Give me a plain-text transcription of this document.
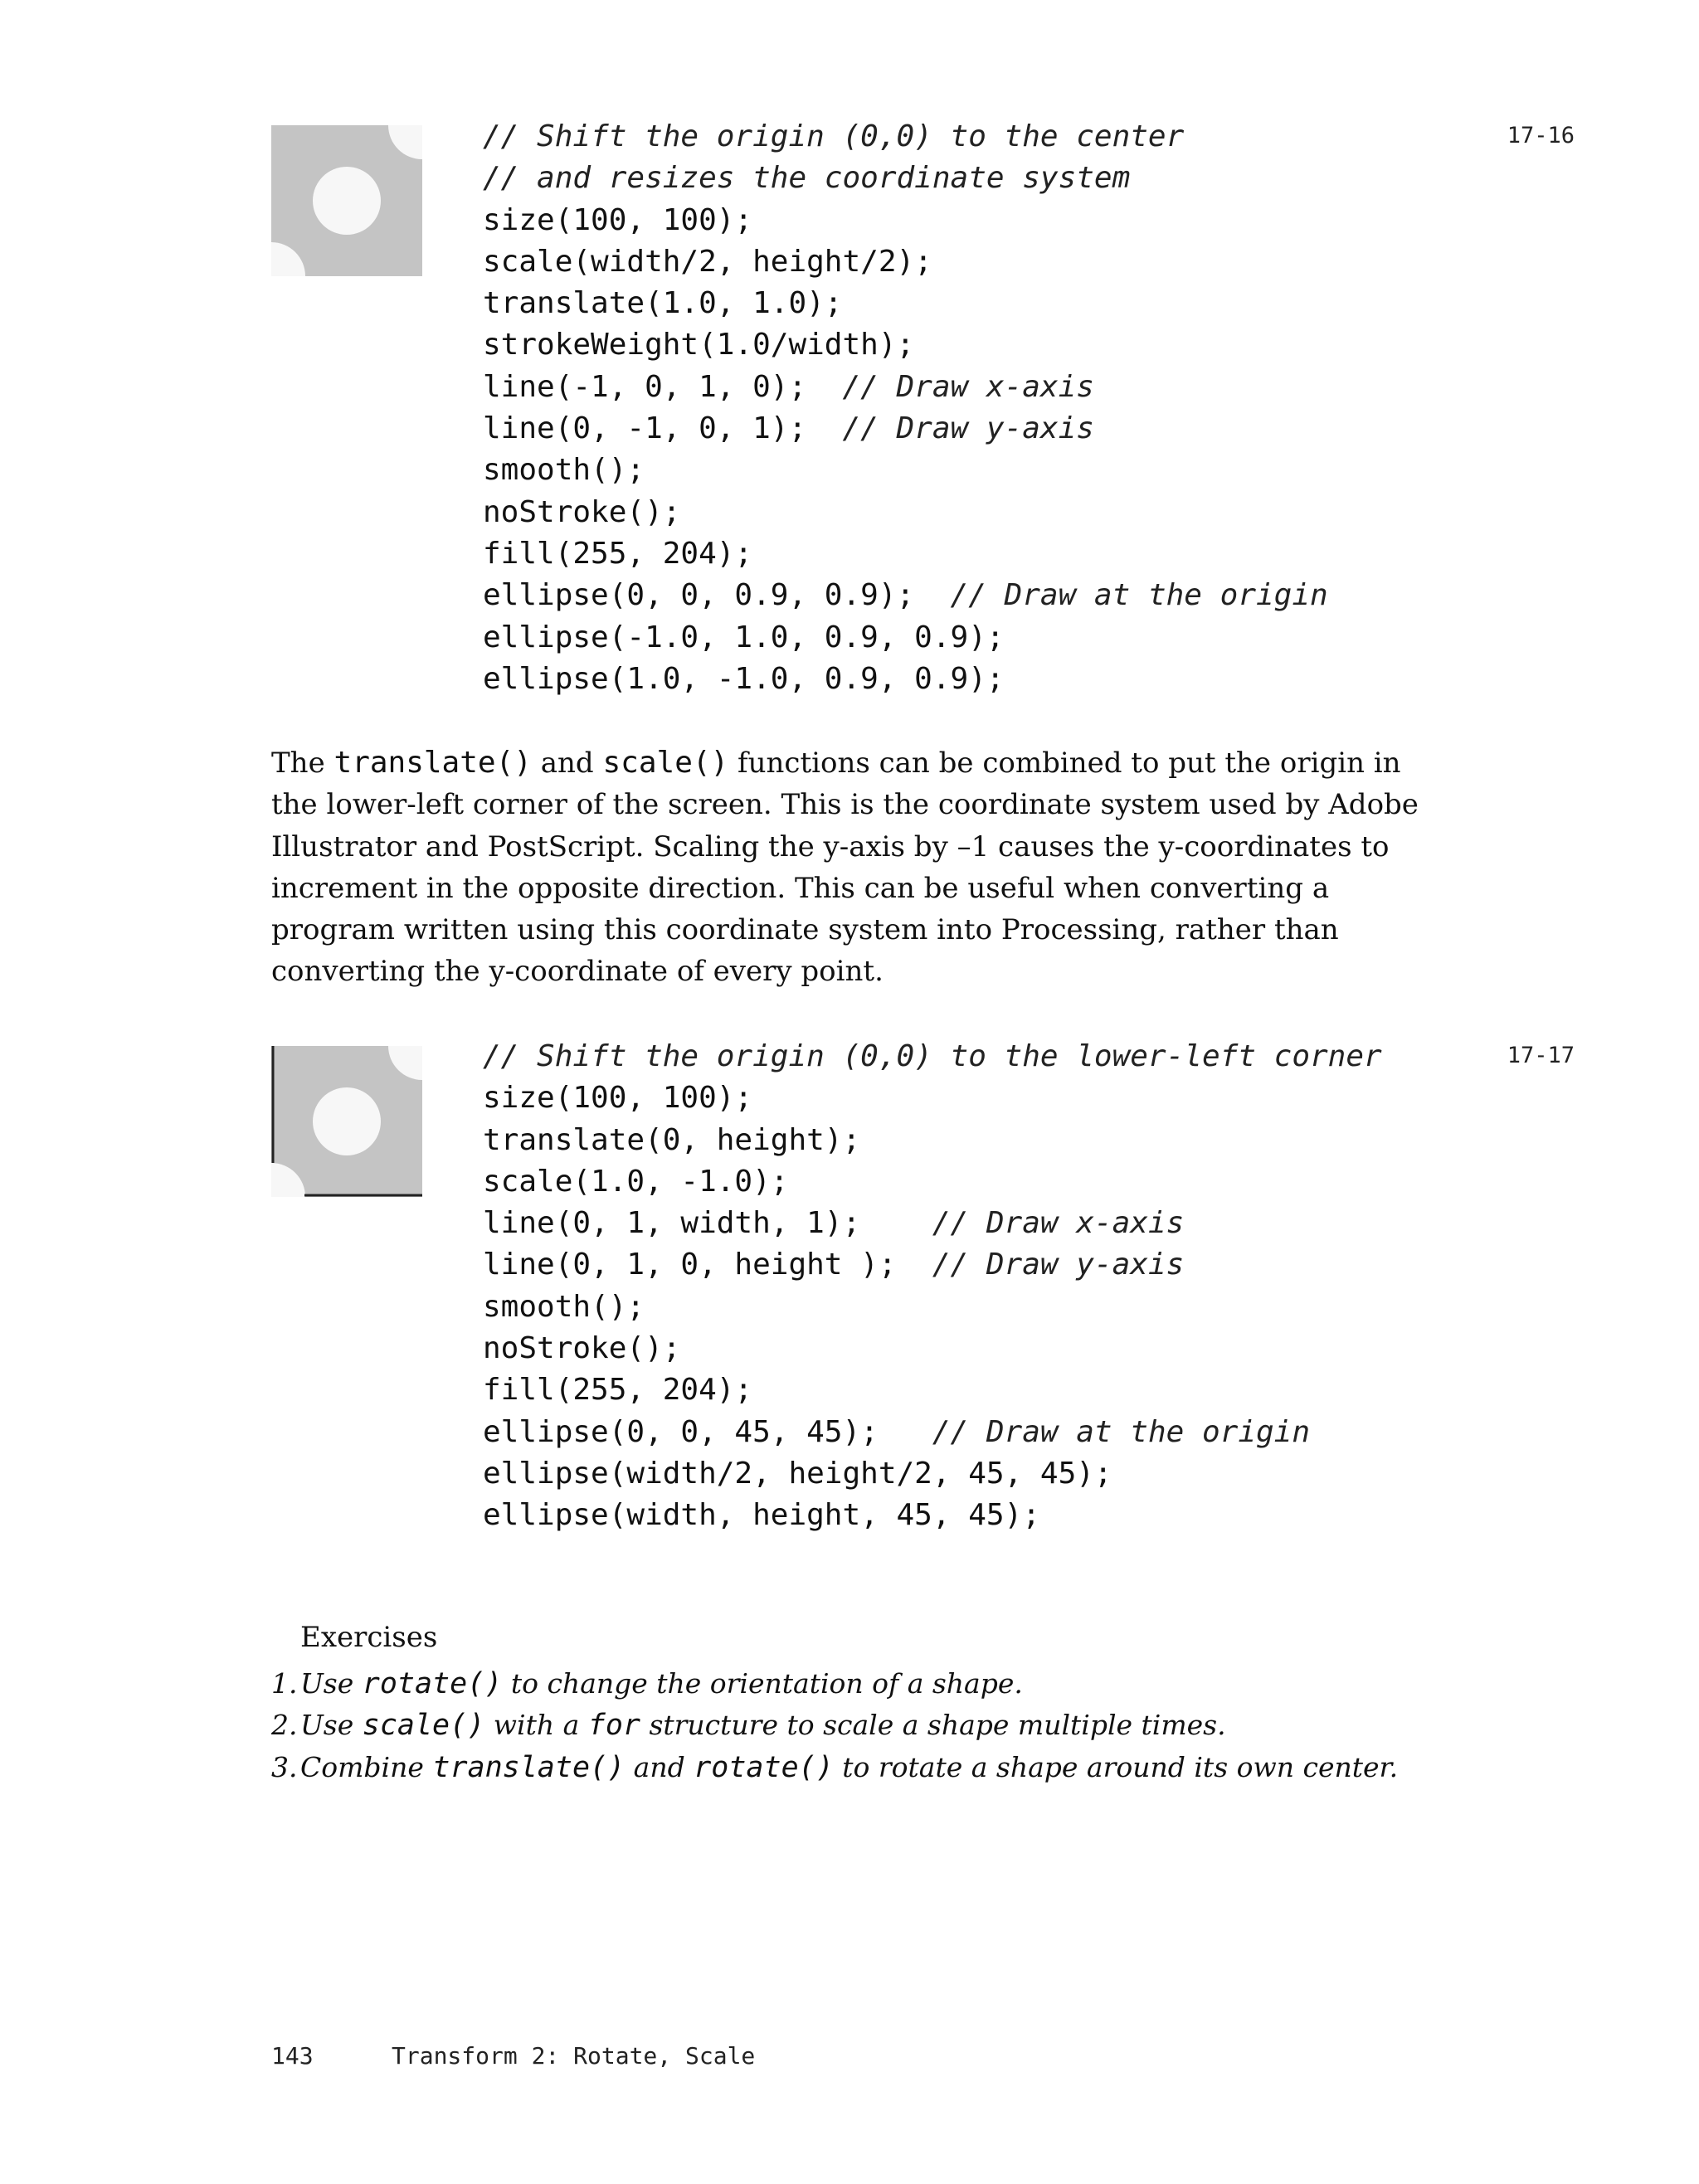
17-16
// Shift the origin (0,0) to the center
// and resizes the coordinate system
size(100, 100);
scale(width/2, height/2);
translate(1.0, 1.0);
strokeWeight(1.0/width);
line(-1, 0, 1, 0);  // Draw x-axis
line(0, -1, 0, 1);  // Draw y-axis
smooth();
noStroke();
fill(255, 204);
ellipse(0, 0, 0.9, 0.9);  // Draw at the origin
ellipse(-1.0, 1.0, 0.9, 0.9);
ellipse(1.0, -1.0, 0.9, 0.9);

The translate() and scale() functions can be combined to put the origin in the lower-left corner of the screen. This is the coordinate system used by Adobe Illustrator and PostScript. Scaling the y-axis by –1 causes the y-coordinates to increment in the opposite direction. This can be useful when converting a program written using this coordinate system into Processing, rather than converting the y-coordinate of every point.

17-17
// Shift the origin (0,0) to the lower-left corner
size(100, 100);
translate(0, height);
scale(1.0, -1.0);
line(0, 1, width, 1);    // Draw x-axis
line(0, 1, 0, height );  // Draw y-axis
smooth();
noStroke();
fill(255, 204);
ellipse(0, 0, 45, 45);   // Draw at the origin
ellipse(width/2, height/2, 45, 45);
ellipse(width, height, 45, 45);
Exercises
1. Use rotate() to change the orientation of a shape.
2. Use scale() with a for structure to scale a shape multiple times.
3. Combine translate() and rotate() to rotate a shape around its own center.
143	Transform 2: Rotate, Scale
